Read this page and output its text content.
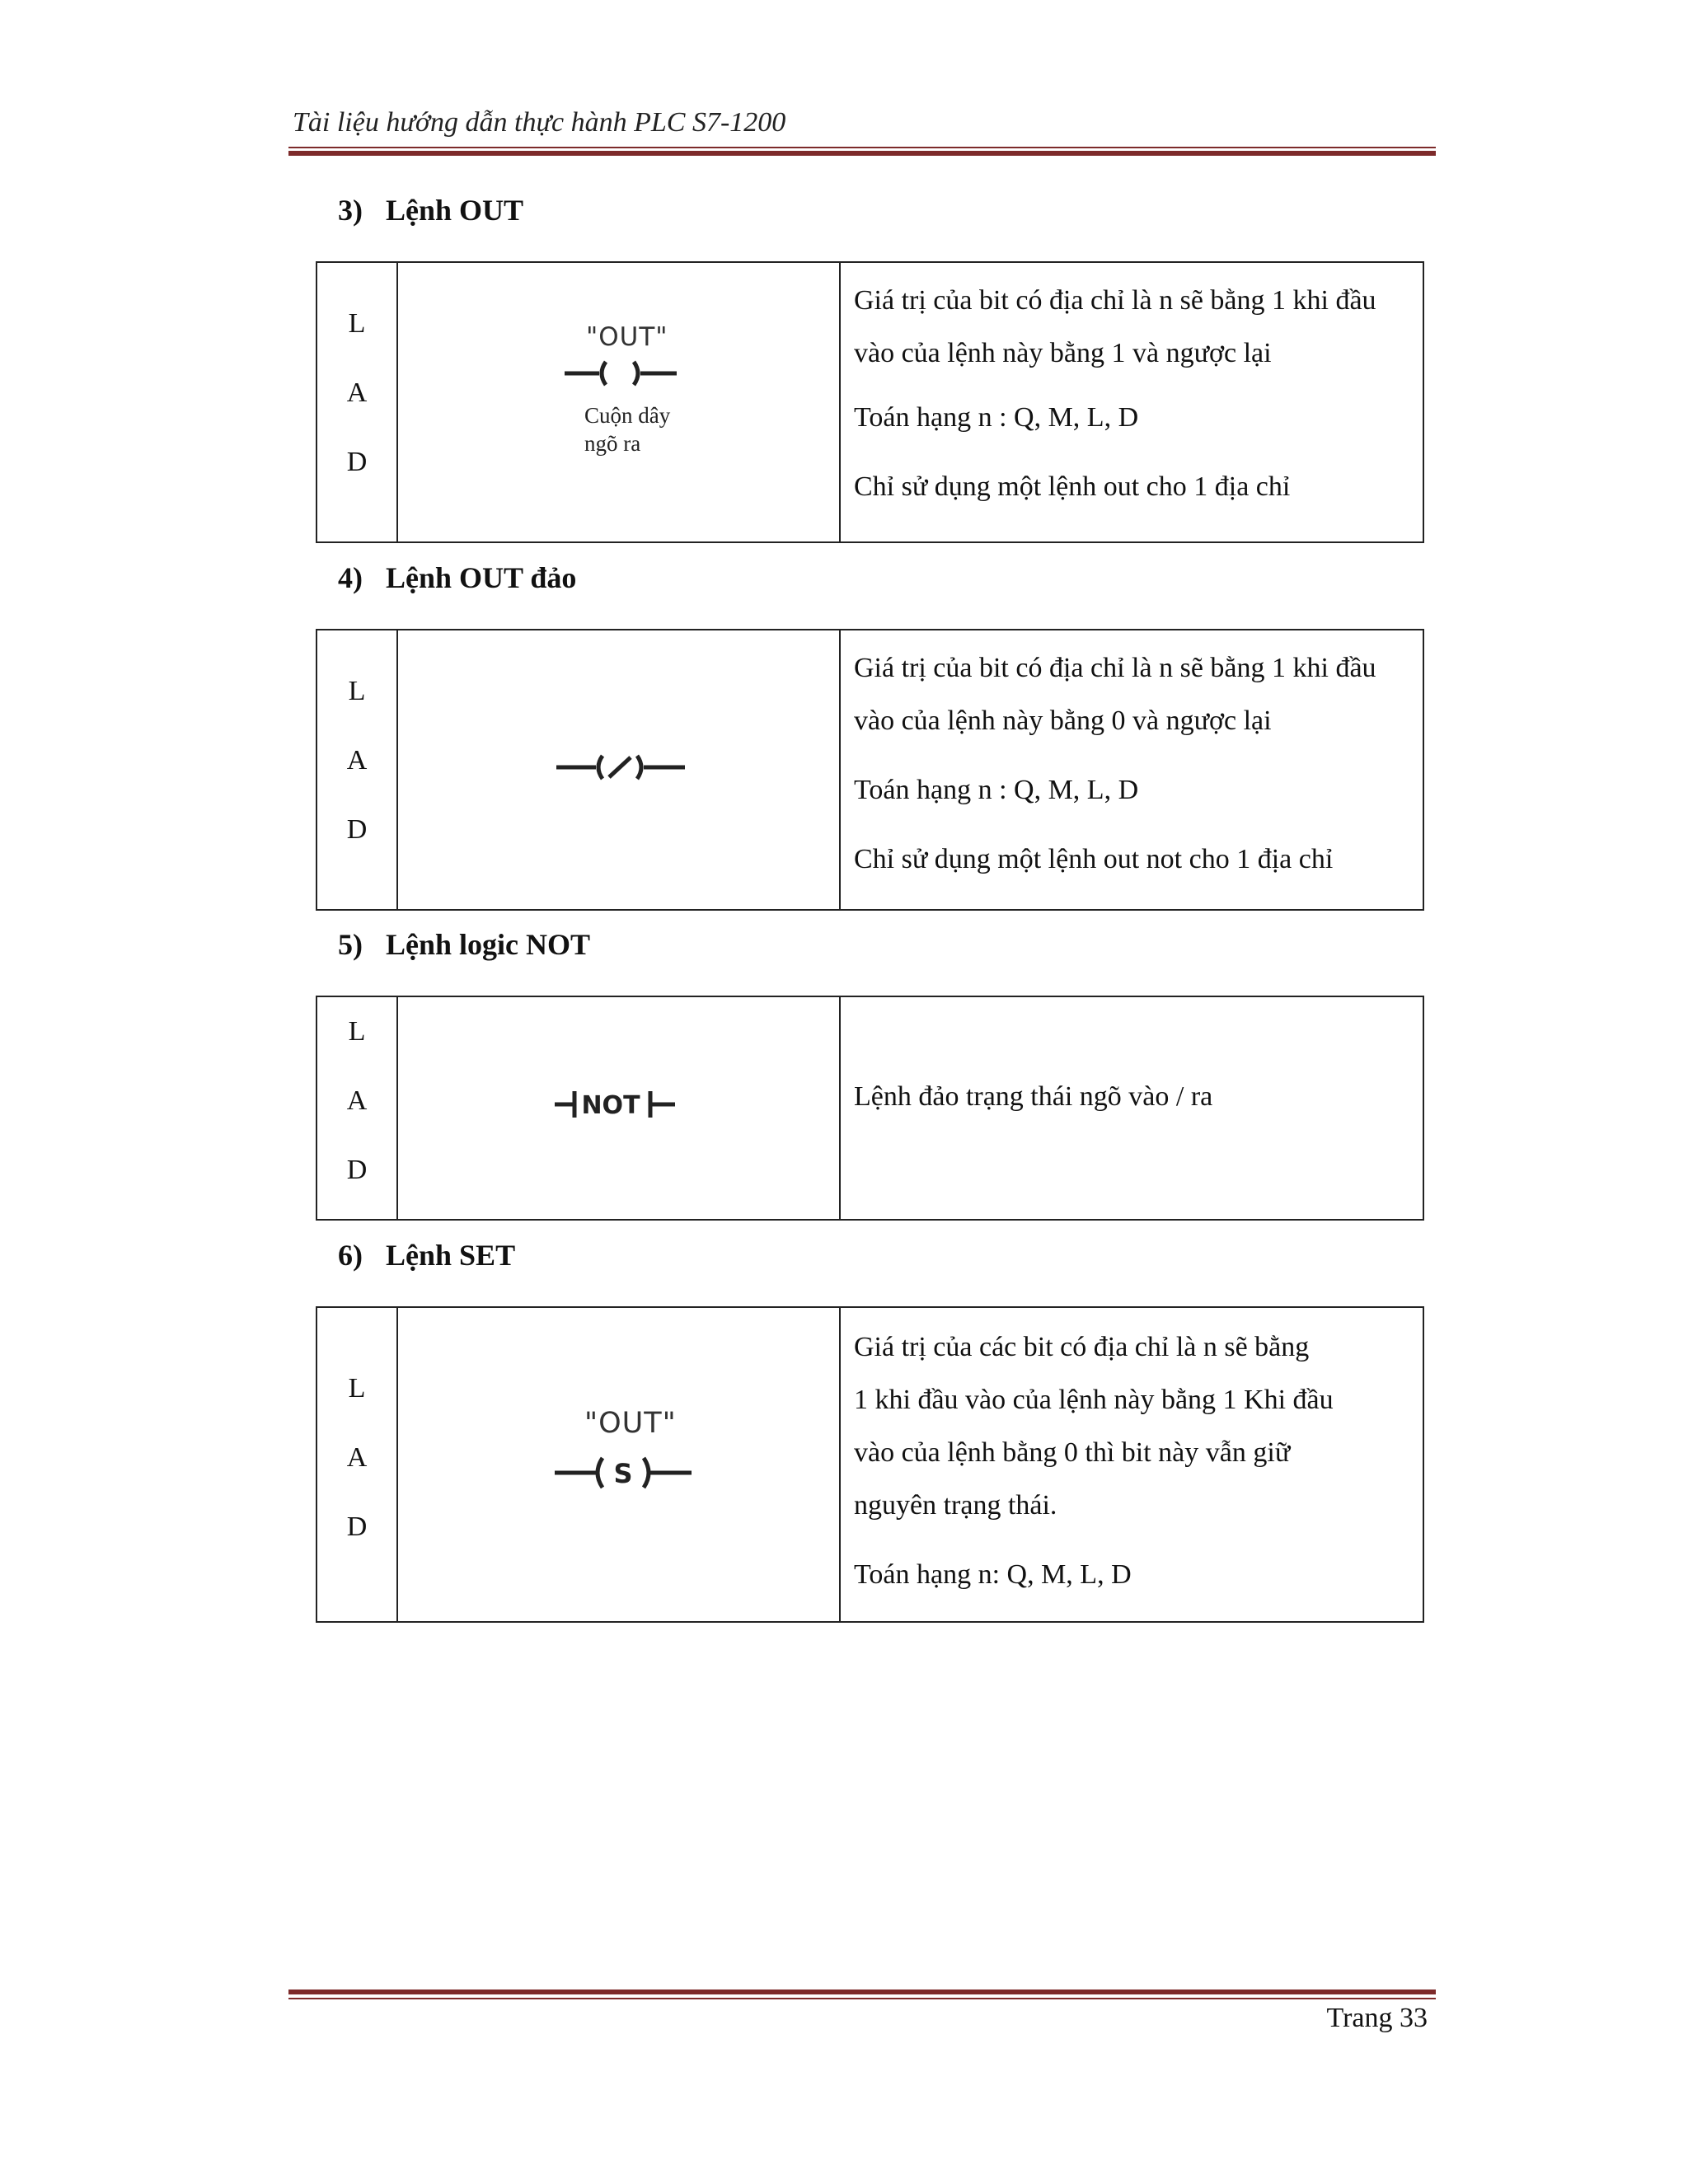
Tài liệu hướng dẫn thực hành PLC S7-1200
3) Lệnh OUT
L
A
D
"OUT"
Cuộn dây
ngõ ra

Giá trị của bit có địa chỉ là n sẽ bằng 1 khi đầu

vào của lệnh này bằng 1 và ngược lại

Toán hạng n : Q, M, L, D

Chỉ sử dụng một lệnh out cho 1 địa chỉ

4) Lệnh OUT đảo
L
A
D

Giá trị của bit có địa chỉ là n sẽ bằng 1 khi đầu

vào của lệnh này bằng 0 và ngược lại

Toán hạng n : Q, M, L, D

Chỉ sử dụng một lệnh out not cho 1 địa chỉ

5) Lệnh logic NOT
L
A
D
NOT	Lệnh đảo trạng thái ngõ vào / ra

6) Lệnh SET
L
A
D
"OUT"
S

Giá trị của các bit có địa chỉ là n sẽ bằng

1 khi đầu vào của lệnh này bằng 1 Khi đầu

vào của lệnh bằng 0 thì bit này vẫn giữ

nguyên trạng thái.

Toán hạng n: Q, M, L, D

Trang 33
